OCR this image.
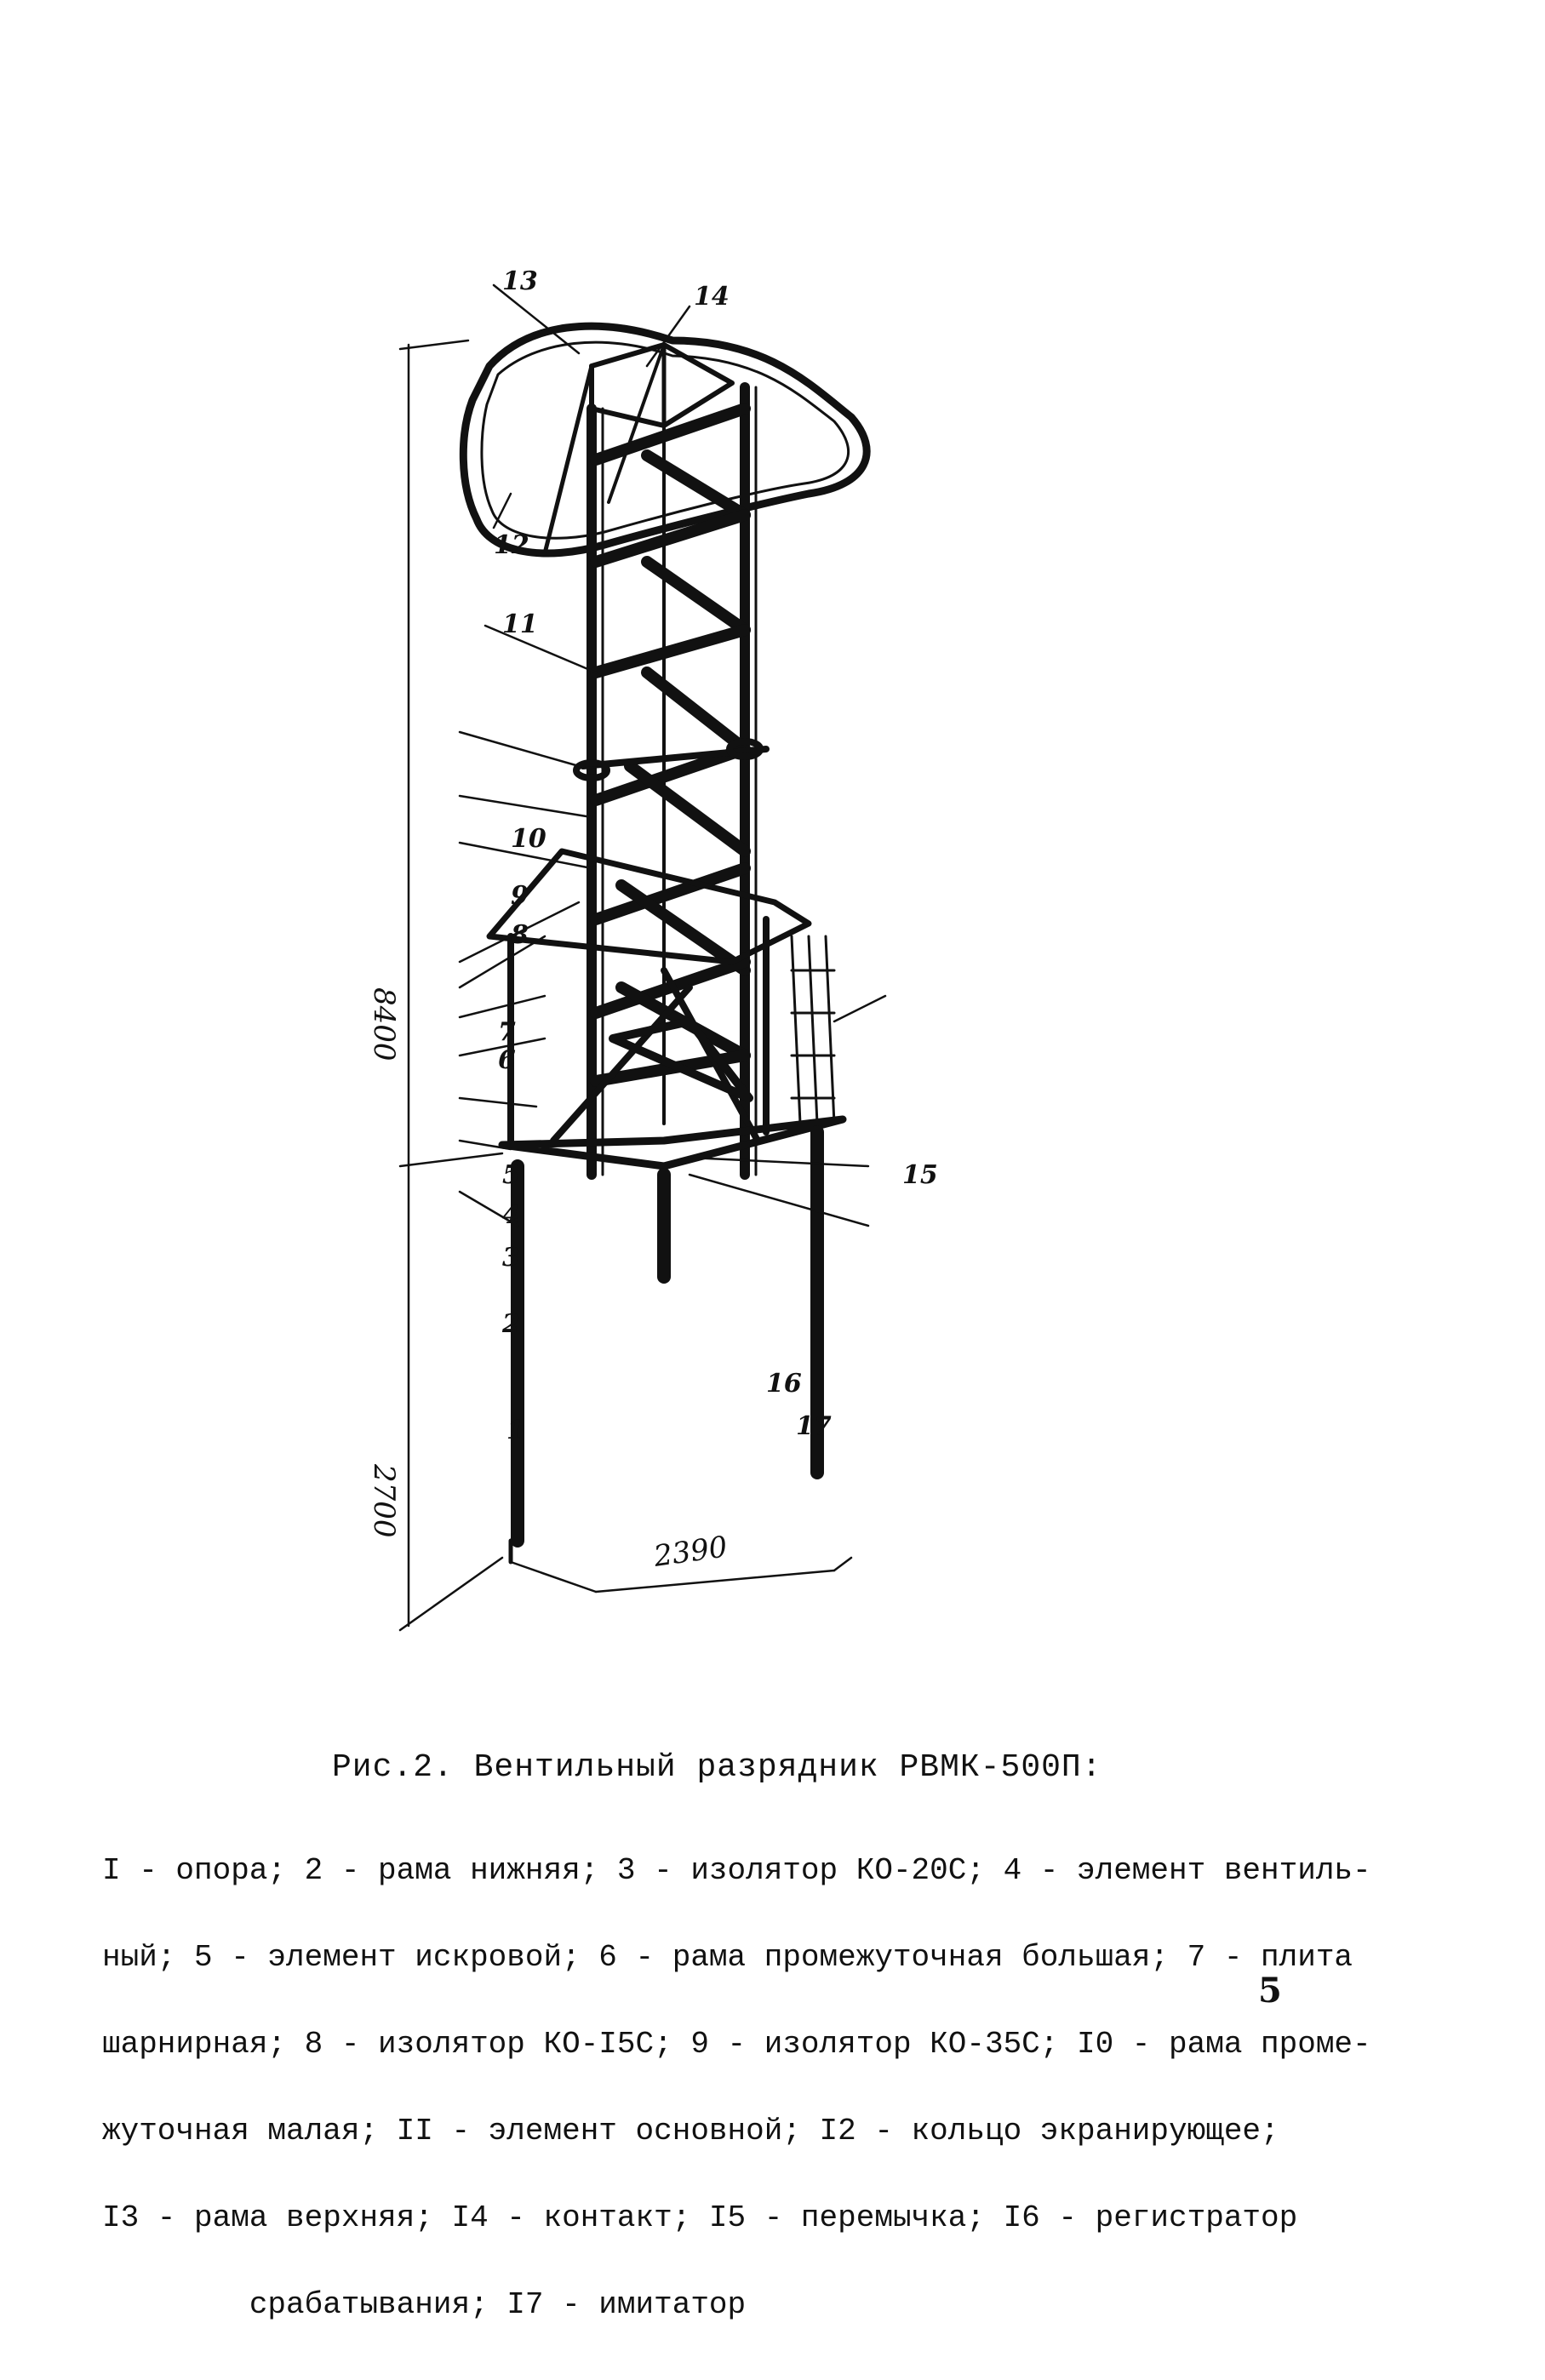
13
14
12
11
10
9
8
7
6
5
4
3
2
1
15
16
17
8400
2700
2390
Рис.2. Вентильный разрядник РВМК-500П:

I - опора; 2 - рама нижняя; 3 - изолятор КО-20С; 4 - элемент вентиль-

ный; 5 - элемент искровой; 6 - рама промежуточная большая; 7 - плита

шарнирная; 8 - изолятор КО-I5С; 9 - изолятор КО-35С; I0 - рама проме-

жуточная малая; II - элемент основной; I2 - кольцо экранирующее;

I3 - рама верхняя; I4 - контакт; I5 - перемычка; I6 - регистратор

срабатывания; I7 - имитатор

5
